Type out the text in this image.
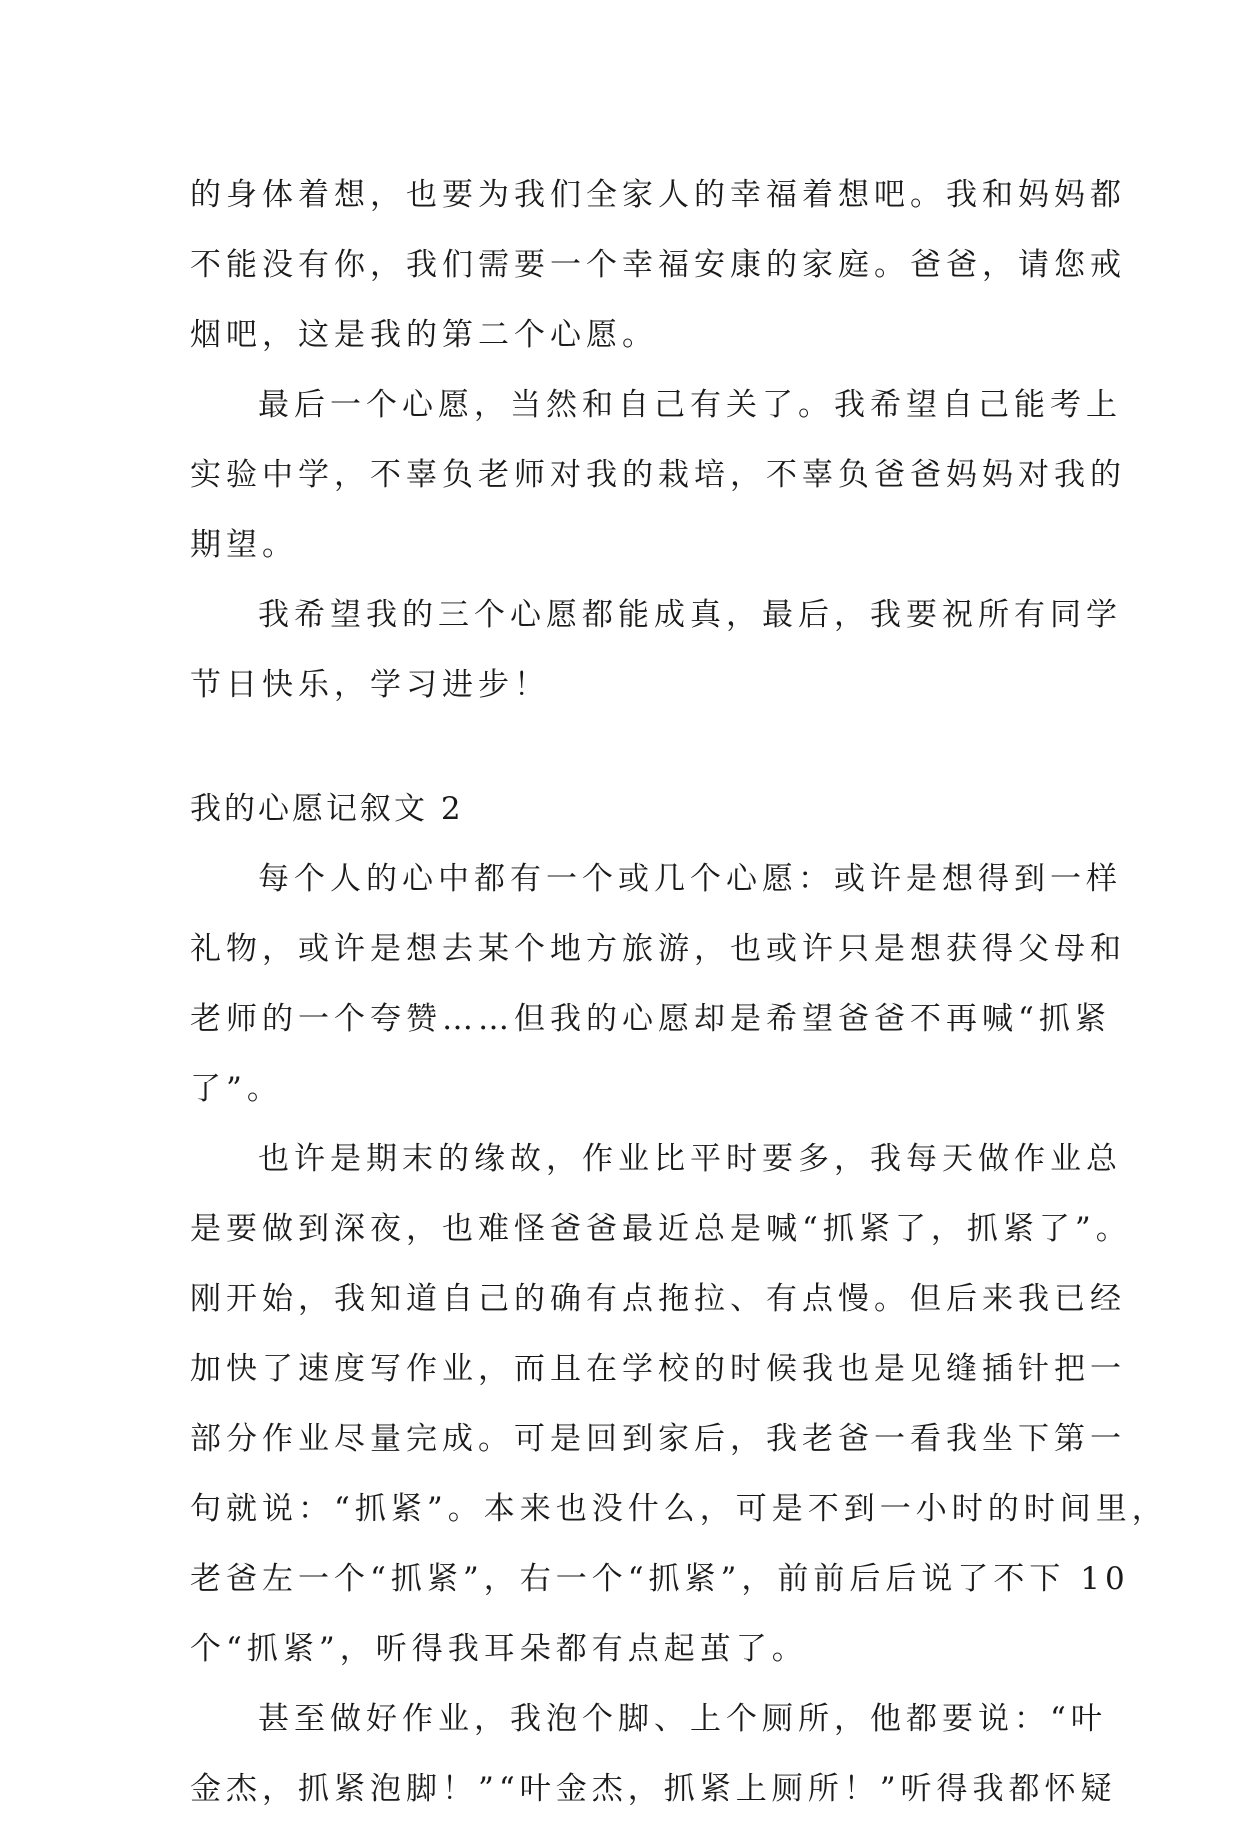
的身体着想，也要为我们全家人的幸福着想吧。我和妈妈都
不能没有你，我们需要一个幸福安康的家庭。爸爸，请您戒
烟吧，这是我的第二个心愿。
最后一个心愿，当然和自己有关了。我希望自己能考上
实验中学，不辜负老师对我的栽培，不辜负爸爸妈妈对我的
期望。
我希望我的三个心愿都能成真，最后，我要祝所有同学
节日快乐，学习进步！
我的心愿记叙文 2
每个人的心中都有一个或几个心愿：或许是想得到一样
礼物，或许是想去某个地方旅游，也或许只是想获得父母和
老师的一个夸赞……但我的心愿却是希望爸爸不再喊“抓紧
了”。
也许是期末的缘故，作业比平时要多，我每天做作业总
是要做到深夜，也难怪爸爸最近总是喊“抓紧了，抓紧了”。
刚开始，我知道自己的确有点拖拉、有点慢。但后来我已经
加快了速度写作业，而且在学校的时候我也是见缝插针把一
部分作业尽量完成。可是回到家后，我老爸一看我坐下第一
句就说：“抓紧”。本来也没什么，可是不到一小时的时间里，
老爸左一个“抓紧”，右一个“抓紧”，前前后后说了不下 10
个“抓紧”，听得我耳朵都有点起茧了。
甚至做好作业，我泡个脚、上个厕所，他都要说：“叶
金杰，抓紧泡脚！”“叶金杰，抓紧上厕所！”听得我都怀疑
